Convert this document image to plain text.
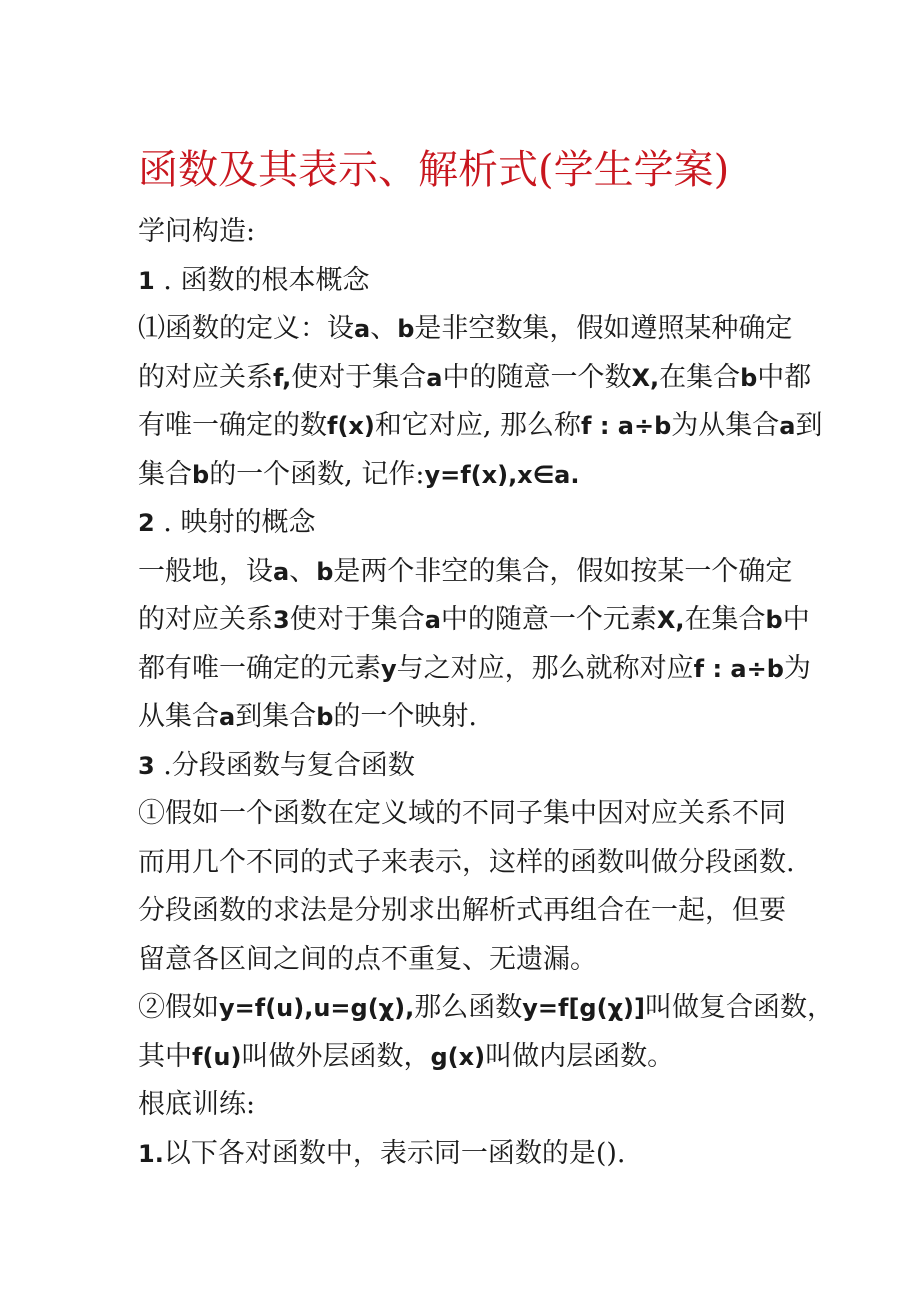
函数及其表示、解析式(学生学案)
学问构造:
1 . 函数的根本概念
⑴函数的定义：设a、b是非空数集，假如遵照某种确定
的对应关系f,使对于集合a中的随意一个数X,在集合b中都
有唯一确定的数f(x)和它对应, 那么称f : a÷b为从集合a到
集合b的一个函数, 记作:y=f(x),x∈a.
2 . 映射的概念
一般地，设a、b是两个非空的集合，假如按某一个确定
的对应关系3使对于集合a中的随意一个元素X,在集合b中
都有唯一确定的元素y与之对应，那么就称对应f : a÷b为
从集合a到集合b的一个映射.
3 .分段函数与复合函数
①假如一个函数在定义域的不同子集中因对应关系不同
而用几个不同的式子来表示，这样的函数叫做分段函数.
分段函数的求法是分别求出解析式再组合在一起，但要
留意各区间之间的点不重复、无遗漏。
②假如y=f(u),u=g(χ),那么函数y=f[g(χ)]叫做复合函数，
其中f(u)叫做外层函数，g(x)叫做内层函数。
根底训练:
1.以下各对函数中，表示同一函数的是().
